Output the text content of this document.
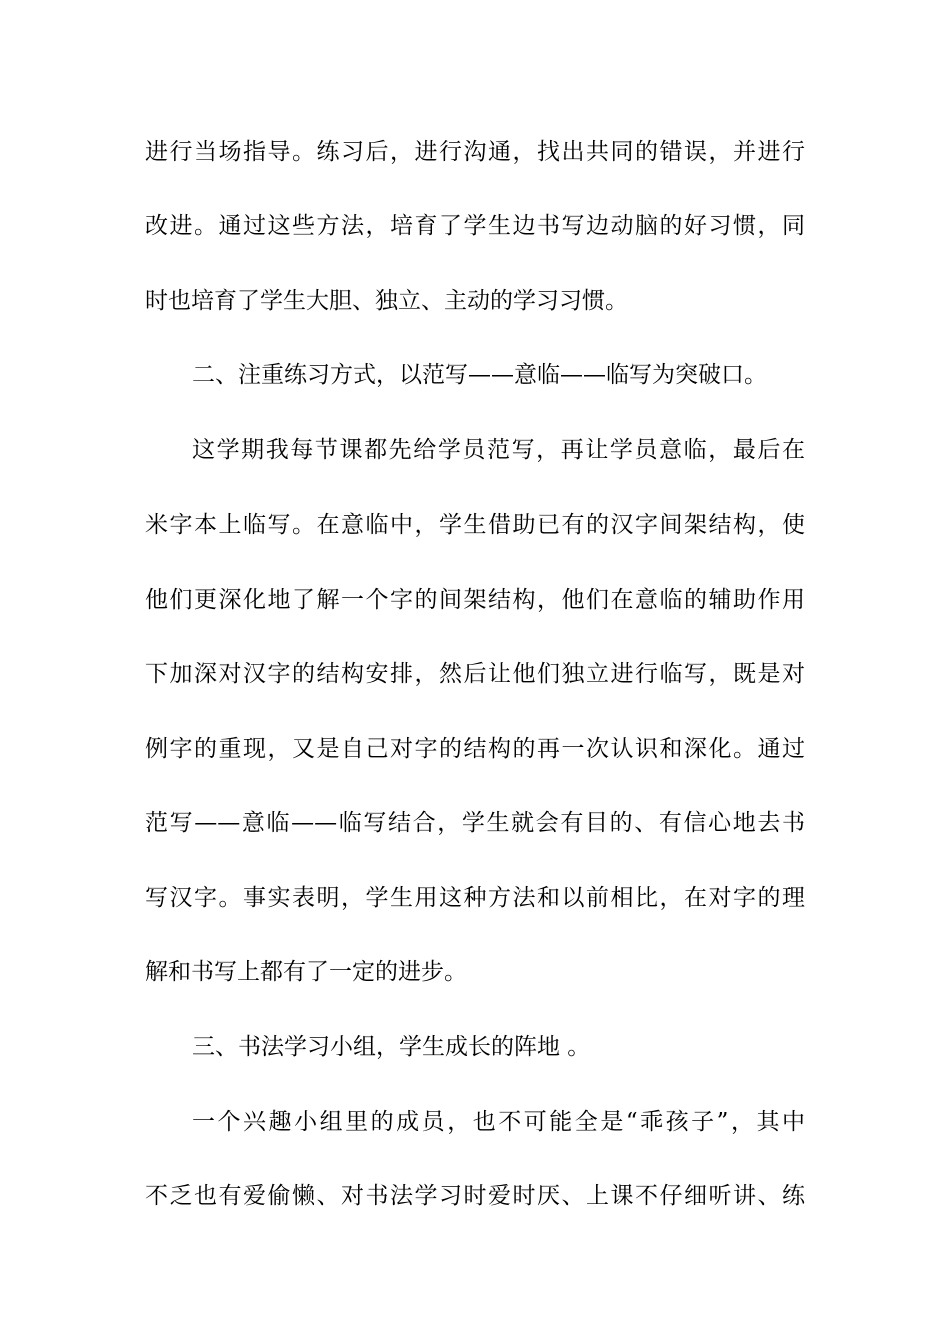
进行当场指导。练习后，进行沟通，找出共同的错误，并进行
改进。通过这些方法，培育了学生边书写边动脑的好习惯，同
时也培育了学生大胆、独立、主动的学习习惯。
二、注重练习方式，以范写——意临——临写为突破口。
这学期我每节课都先给学员范写，再让学员意临，最后在
米字本上临写。在意临中，学生借助已有的汉字间架结构，使
他们更深化地了解一个字的间架结构，他们在意临的辅助作用
下加深对汉字的结构安排，然后让他们独立进行临写，既是对
例字的重现，又是自己对字的结构的再一次认识和深化。通过
范写——意临——临写结合，学生就会有目的、有信心地去书
写汉字。事实表明，学生用这种方法和以前相比，在对字的理
解和书写上都有了一定的进步。
三、书法学习小组，学生成长的阵地 。
一个兴趣小组里的成员，也不可能全是“乖孩子”，其中
不乏也有爱偷懒、对书法学习时爱时厌、上课不仔细听讲、练
